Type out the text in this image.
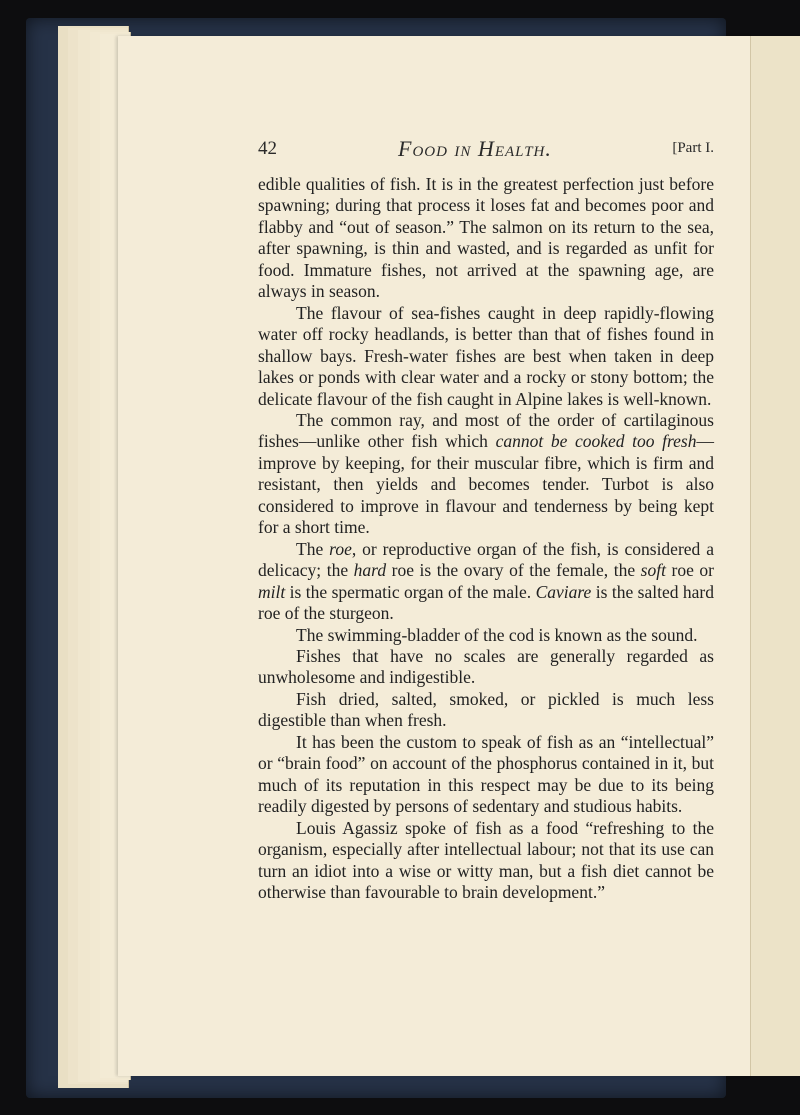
42	Food in Health.	[Part I.

edible qualities of fish. It is in the greatest perfection just before spawning; during that process it loses fat and becomes poor and flabby and “out of season.” The salmon on its return to the sea, after spawning, is thin and wasted, and is regarded as unfit for food. Immature fishes, not arrived at the spawning age, are always in season.

The flavour of sea-fishes caught in deep rapidly-flowing water off rocky headlands, is better than that of fishes found in shallow bays. Fresh-water fishes are best when taken in deep lakes or ponds with clear water and a rocky or stony bottom; the delicate flavour of the fish caught in Alpine lakes is well-known.

The common ray, and most of the order of cartilaginous fishes—unlike other fish which cannot be cooked too fresh—improve by keeping, for their muscular fibre, which is firm and resistant, then yields and becomes tender. Turbot is also considered to improve in flavour and tenderness by being kept for a short time.

The roe, or reproductive organ of the fish, is considered a delicacy; the hard roe is the ovary of the female, the soft roe or milt is the spermatic organ of the male. Caviare is the salted hard roe of the sturgeon.

The swimming-bladder of the cod is known as the sound.

Fishes that have no scales are generally regarded as unwholesome and indigestible.

Fish dried, salted, smoked, or pickled is much less digestible than when fresh.

It has been the custom to speak of fish as an “intellectual” or “brain food” on account of the phosphorus contained in it, but much of its reputation in this respect may be due to its being readily digested by persons of sedentary and studious habits.

Louis Agassiz spoke of fish as a food “refreshing to the organism, especially after intellectual labour; not that its use can turn an idiot into a wise or witty man, but a fish diet cannot be otherwise than favourable to brain development.”
